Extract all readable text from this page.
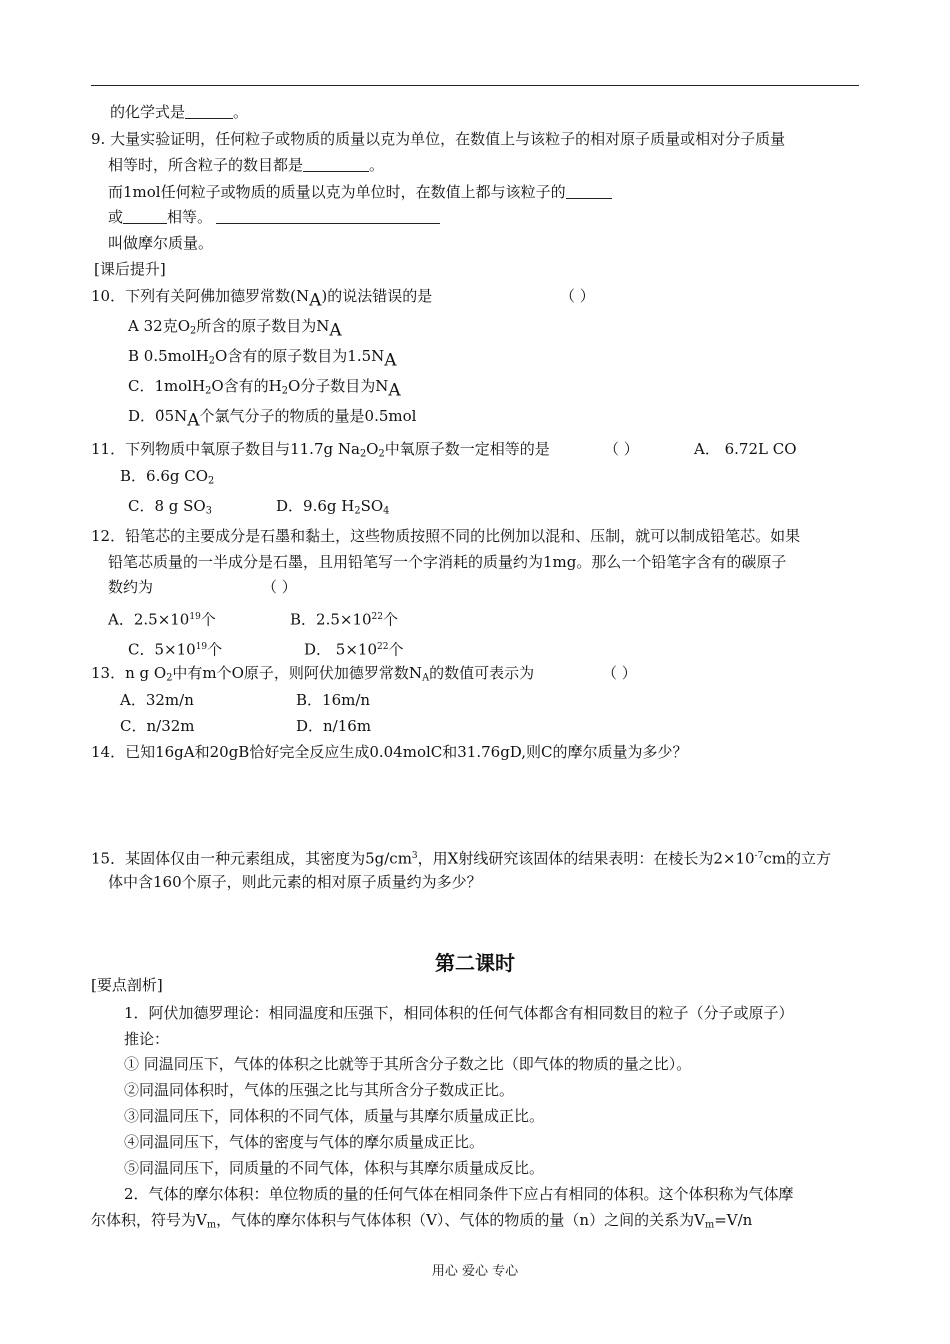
的化学式是	。
9. 大量实验证明，任何粒子或物质的质量以克为单位，在数值上与该粒子的相对原子质量或相对分子质量
相等时，所含粒子的数目都是	。
而1mol任何粒子或物质的质量以克为单位时，在数值上都与该粒子的
或	相等。
叫做摩尔质量。
[课后提升]
10．下列有关阿佛加德罗常数(NA)的说法错误的是	（ ）
A 32克$O_2$所含的原子数目为NA
B 0.5molH$_2$O含有的原子数目为1.5NA
C．1molH$_2$O含有的$H_2O$分子数目为NA
D．0̃5NA个氯气分子的物质的量是0.5mol
11．下列物质中氧原子数目与11.7g $Na_2O_2$中氧原子数一定相等的是	（ ）	A． 6.72L CO
B．6.6g $CO_2$
C．8 g $SO_3$	D．9.6g $H_2SO_4$
12．铅笔芯的主要成分是石墨和黏土，这些物质按照不同的比例加以混和、压制，就可以制成铅笔芯。如果
铅笔芯质量的一半成分是石墨，且用铅笔写一个字消耗的质量约为1mg。那么一个铅笔字含有的碳原子
数约为	（ ）
A．$2.5\times 10^{19}$个	B．$2.5\times 10^{22}$个
C．$5\times 10^{19}$个	D． $5\times 10^{22}$个
13．n g $O_2$中有m个O原子，则阿伏加德罗常数$N_A$的数值可表示为	（ ）
A．32m/n	B．16m/n
C．n/32m	D．n/16m
14．已知16gA和20gB恰好完全反应生成0.04molC和31.76gD,则C的摩尔质量为多少？
15．某固体仅由一种元素组成，其密度为$5g/cm^3$，用X射线研究该固体的结果表明：在棱长为$2\times 10^{-7}cm$的立方
体中含160个原子，则此元素的相对原子质量约为多少？
第二课时
[要点剖析]
1．阿伏加德罗理论：相同温度和压强下，相同体积的任何气体都含有相同数目的粒子（分子或原子）
推论：
① 同温同压下，气体的体积之比就等于其所含分子数之比（即气体的物质的量之比）。
②同温同体积时，气体的压强之比与其所含分子数成正比。
③同温同压下，同体积的不同气体，质量与其摩尔质量成正比。
④同温同压下，气体的密度与气体的摩尔质量成正比。
⑤同温同压下，同质量的不同气体，体积与其摩尔质量成反比。
2．气体的摩尔体积：单位物质的量的任何气体在相同条件下应占有相同的体积。这个体积称为气体摩
尔体积，符号为$V_m$，气体的摩尔体积与气体体积（V）、气体的物质的量（n）之间的关系为$V_m=V/n$
用心 爱心 专心
